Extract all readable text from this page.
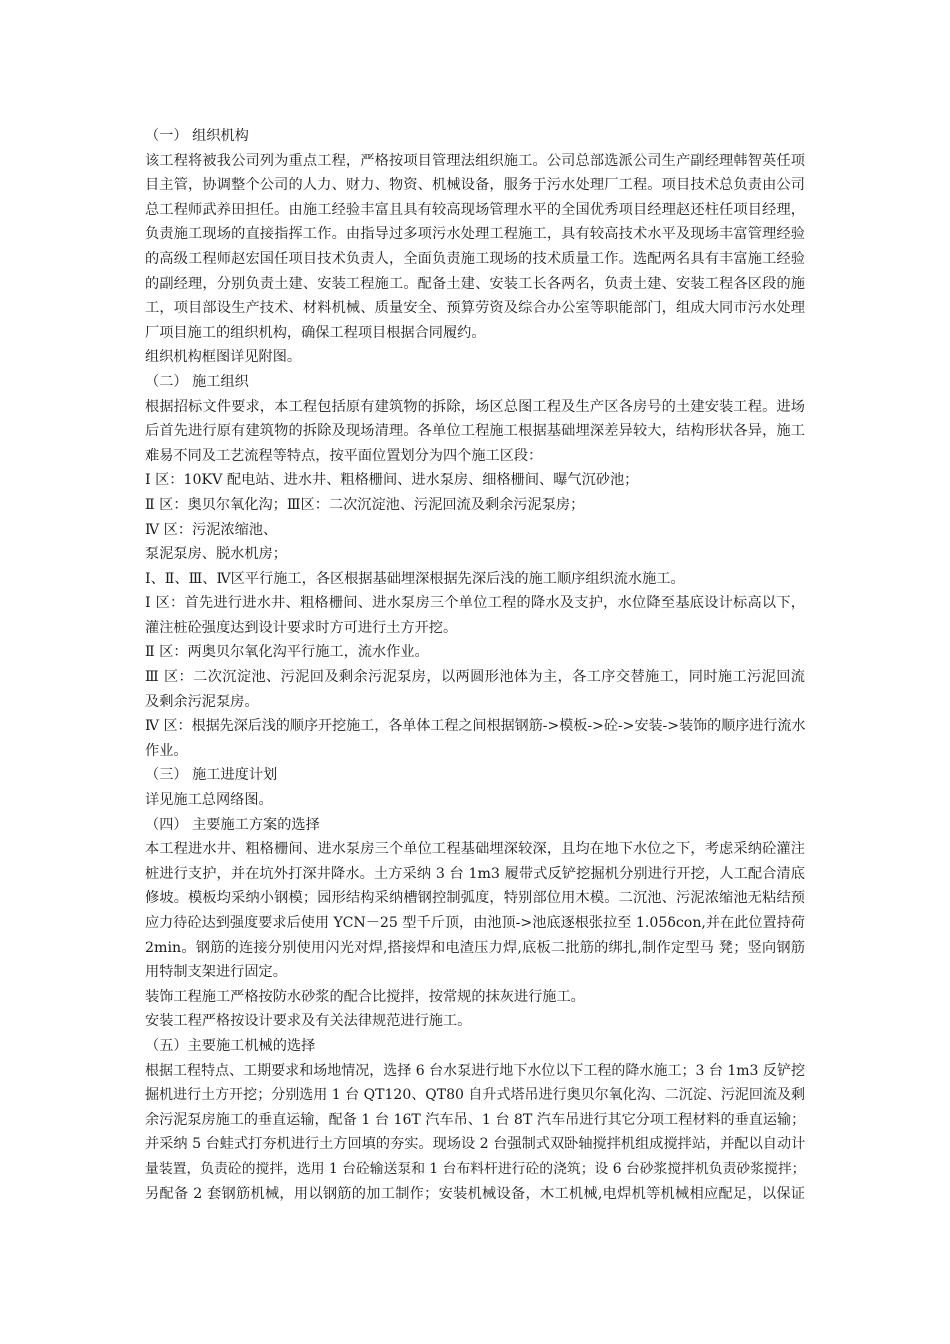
（一） 组织机构
该工程将被我公司列为重点工程，严格按项目管理法组织施工。公司总部选派公司生产副经理韩智英任项
目主管，协调整个公司的人力、财力、物资、机械设备，服务于污水处理厂工程。项目技术总负责由公司
总工程师武养田担任。由施工经验丰富且具有较高现场管理水平的全国优秀项目经理赵还柱任项目经理，
负责施工现场的直接指挥工作。由指导过多项污水处理工程施工，具有较高技术水平及现场丰富管理经验
的高级工程师赵宏国任项目技术负责人，全面负责施工现场的技术质量工作。选配两名具有丰富施工经验
的副经理，分别负责土建、安装工程施工。配备土建、安装工长各两名，负责土建、安装工程各区段的施
工，项目部设生产技术、材料机械、质量安全、预算劳资及综合办公室等职能部门，组成大同市污水处理
厂项目施工的组织机构，确保工程项目根据合同履约。
组织机构框图详见附图。
（二） 施工组织
根据招标文件要求，本工程包括原有建筑物的拆除，场区总图工程及生产区各房号的土建安装工程。进场
后首先进行原有建筑物的拆除及现场清理。各单位工程施工根据基础埋深差异较大，结构形状各异，施工
难易不同及工艺流程等特点，按平面位置划分为四个施工区段：
Ⅰ 区：10KV 配电站、进水井、粗格栅间、进水泵房、细格栅间、曝气沉砂池；
Ⅱ 区：奥贝尔氧化沟；Ⅲ区：二次沉淀池、污泥回流及剩余污泥泵房；
Ⅳ 区：污泥浓缩池、
泵泥泵房、脱水机房；
Ⅰ、Ⅱ、Ⅲ、Ⅳ区平行施工，各区根据基础埋深根据先深后浅的施工顺序组织流水施工。
Ⅰ 区：首先进行进水井、粗格栅间、进水泵房三个单位工程的降水及支护，水位降至基底设计标高以下，
灌注桩砼强度达到设计要求时方可进行土方开挖。
Ⅱ 区：两奥贝尔氧化沟平行施工，流水作业。
Ⅲ 区：二次沉淀池、污泥回及剩余污泥泵房，以两圆形池体为主，各工序交替施工，同时施工污泥回流
及剩余污泥泵房。
Ⅳ 区：根据先深后浅的顺序开挖施工，各单体工程之间根据钢筋->模板->砼->安装->装饰的顺序进行流水
作业。
（三） 施工进度计划
详见施工总网络图。
（四） 主要施工方案的选择
本工程进水井、粗格栅间、进水泵房三个单位工程基础埋深较深，且均在地下水位之下，考虑采纳砼灌注
桩进行支护，并在坑外打深井降水。土方采纳 3 台 1m3 履带式反铲挖掘机分别进行开挖，人工配合清底
修坡。模板均采纳小钢模；园形结构采纳槽钢控制弧度，特别部位用木模。二沉池、污泥浓缩池无粘结预
应力待砼达到强度要求后使用 YCN－25 型千斤顶，由池顶->池底逐根张拉至 1.05δcon,并在此位置持荷
2min。钢筋的连接分别使用闪光对焊,搭接焊和电渣压力焊,底板二批筋的绑扎,制作定型马 凳；竖向钢筋
用特制支架进行固定。
装饰工程施工严格按防水砂浆的配合比搅拌，按常规的抹灰进行施工。
安装工程严格按设计要求及有关法律规范进行施工。
（五）主要施工机械的选择
根据工程特点、工期要求和场地情况，选择 6 台水泵进行地下水位以下工程的降水施工；3 台 1m3 反铲挖
掘机进行土方开挖；分别选用 1 台 QT120、QT80 自升式塔吊进行奥贝尔氧化沟、二沉淀、污泥回流及剩
余污泥泵房施工的垂直运输，配备 1 台 16T 汽车吊、1 台 8T 汽车吊进行其它分项工程材料的垂直运输；
并采纳 5 台蛙式打夯机进行土方回填的夯实。现场设 2 台强制式双卧轴搅拌机组成搅拌站，并配以自动计
量装置，负责砼的搅拌，选用 1 台砼输送泵和 1 台布料杆进行砼的浇筑；设 6 台砂浆搅拌机负责砂浆搅拌；
另配备 2 套钢筋机械，用以钢筋的加工制作；安装机械设备，木工机械,电焊机等机械相应配足，以保证
